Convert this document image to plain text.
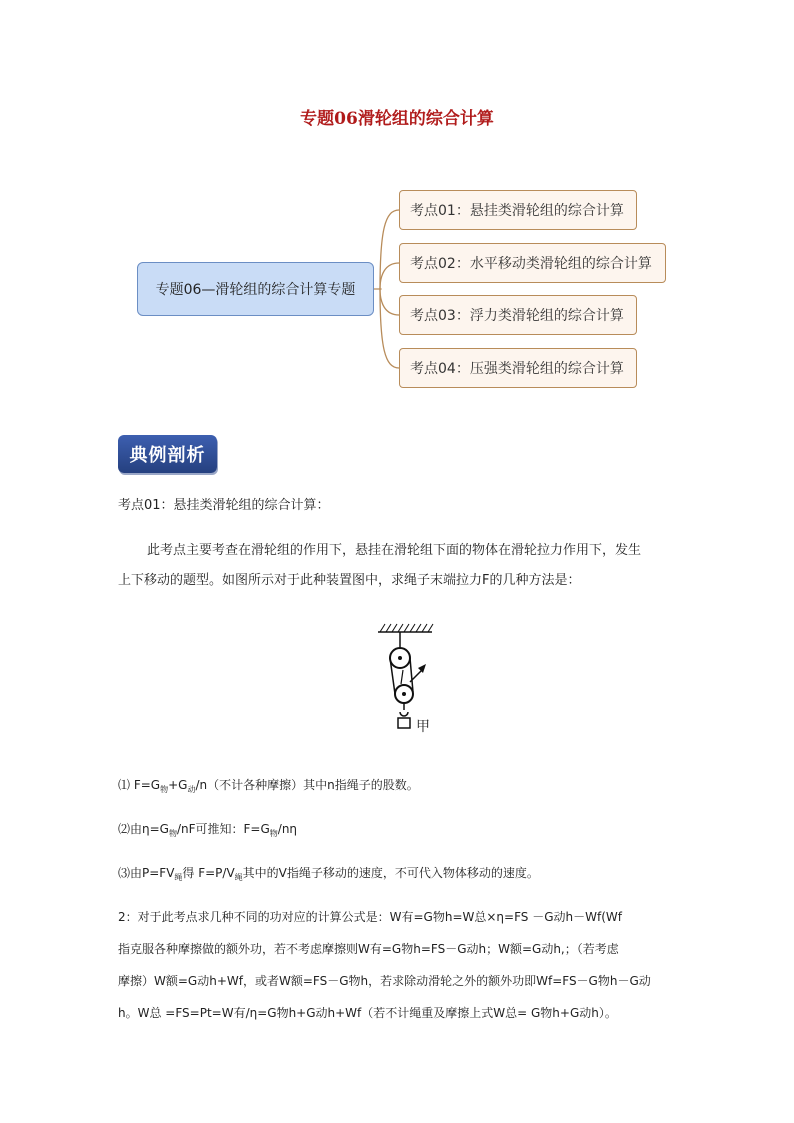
专题06滑轮组的综合计算
专题06—滑轮组的综合计算专题
考点01：悬挂类滑轮组的综合计算
考点02：水平移动类滑轮组的综合计算
考点03：浮力类滑轮组的综合计算
考点04：压强类滑轮组的综合计算
典例剖析
考点01：悬挂类滑轮组的综合计算：
此考点主要考查在滑轮组的作用下，悬挂在滑轮组下面的物体在滑轮拉力作用下，发生
上下移动的题型。如图所示对于此种装置图中，求绳子末端拉力F的几种方法是：
甲
⑴ $F=G_物+G_动/n$（不计各种摩擦）其中n指绳子的股数。
⑵由$\eta=G_物/nF$可推知：$F=G_物/n\eta$
⑶由$P=FV_绳$得 $F=P/V_绳$其中的V指绳子移动的速度，不可代入物体移动的速度。
2：对于此考点求几种不同的功对应的计算公式是：W有=G物h=W总×η=FS －G动h－Wf(Wf
指克服各种摩擦做的额外功，若不考虑摩擦则W有=G物h=FS－G动h；W额=G动h,；（若考虑
摩擦）W额=G动h+Wf，或者W额=FS－G物h，若求除动滑轮之外的额外功即Wf=FS－G物h－G动
h。W总 =FS=Pt=W有/η=G物h+G动h+Wf（若不计绳重及摩擦上式W总= G物h+G动h）。
